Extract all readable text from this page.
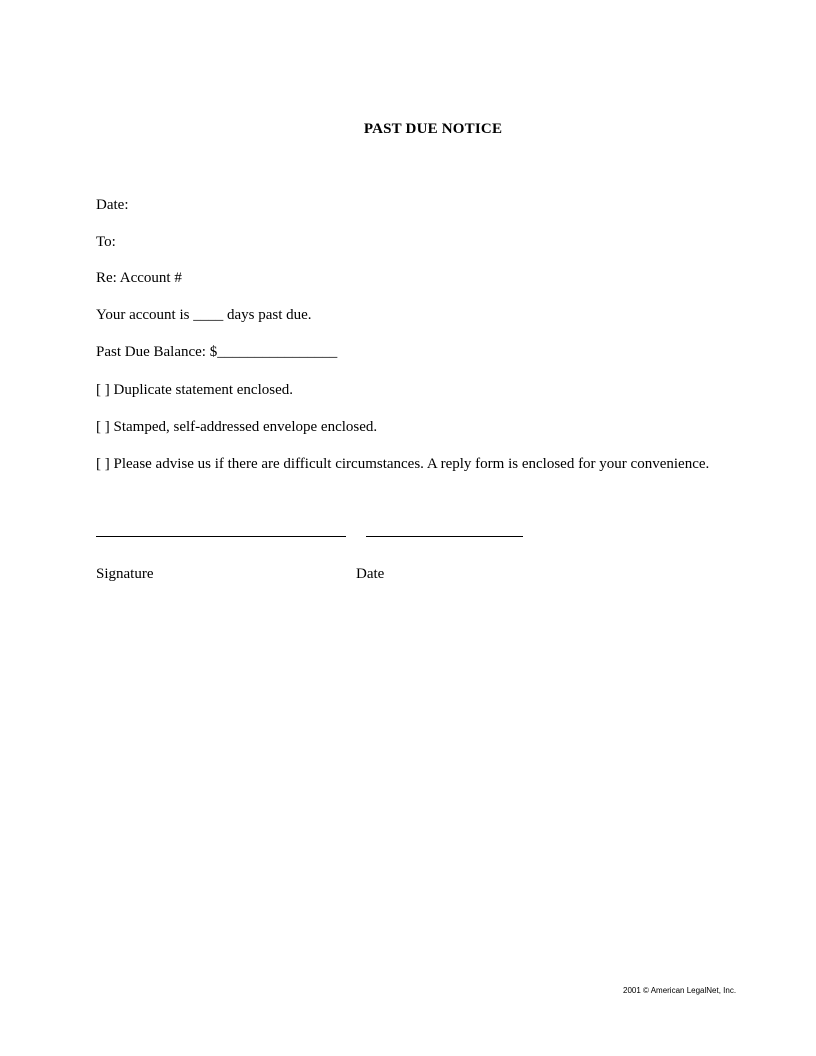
PAST DUE NOTICE
Date:
To:
Re: Account #
Your account is ____ days past due.
Past Due Balance: $________________
[ ] Duplicate statement enclosed.
[ ] Stamped, self-addressed envelope enclosed.
[ ] Please advise us if there are difficult circumstances. A reply form is enclosed for your convenience.
Signature	Date
2001 © American LegalNet, Inc.
